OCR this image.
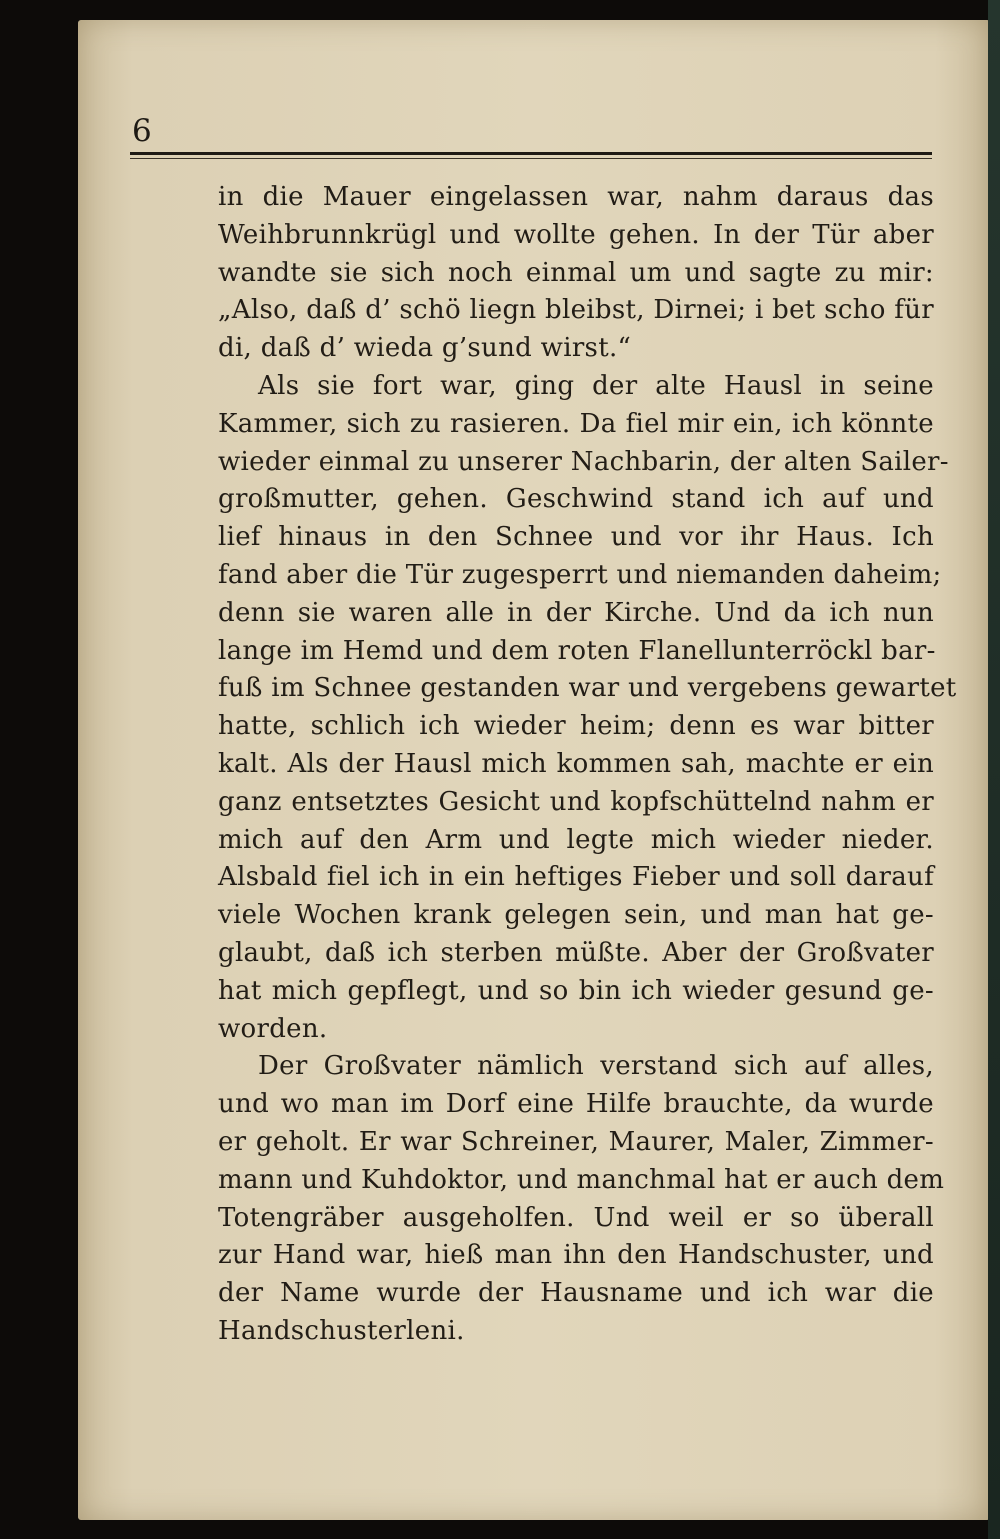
6

in die Mauer eingelassen war, nahm daraus das
Weihbrunnkrügl und wollte gehen. In der Tür aber
wandte sie sich noch einmal um und sagte zu mir:
„Also, daß d’ schö liegn bleibst, Dirnei; i bet scho für
di, daß d’ wieda g’sund wirst.“
Als sie fort war, ging der alte Hausl in seine
Kammer, sich zu rasieren. Da fiel mir ein, ich könnte
wieder einmal zu unserer Nachbarin, der alten Sailer-
großmutter, gehen. Geschwind stand ich auf und
lief hinaus in den Schnee und vor ihr Haus. Ich
fand aber die Tür zugesperrt und niemanden daheim;
denn sie waren alle in der Kirche. Und da ich nun
lange im Hemd und dem roten Flanellunterröckl bar-
fuß im Schnee gestanden war und vergebens gewartet
hatte, schlich ich wieder heim; denn es war bitter
kalt. Als der Hausl mich kommen sah, machte er ein
ganz entsetztes Gesicht und kopfschüttelnd nahm er
mich auf den Arm und legte mich wieder nieder.
Alsbald fiel ich in ein heftiges Fieber und soll darauf
viele Wochen krank gelegen sein, und man hat ge-
glaubt, daß ich sterben müßte. Aber der Großvater
hat mich gepflegt, und so bin ich wieder gesund ge-
worden.
Der Großvater nämlich verstand sich auf alles,
und wo man im Dorf eine Hilfe brauchte, da wurde
er geholt. Er war Schreiner, Maurer, Maler, Zimmer-
mann und Kuhdoktor, und manchmal hat er auch dem
Totengräber ausgeholfen. Und weil er so überall
zur Hand war, hieß man ihn den Handschuster, und
der Name wurde der Hausname und ich war die
Handschusterleni.
